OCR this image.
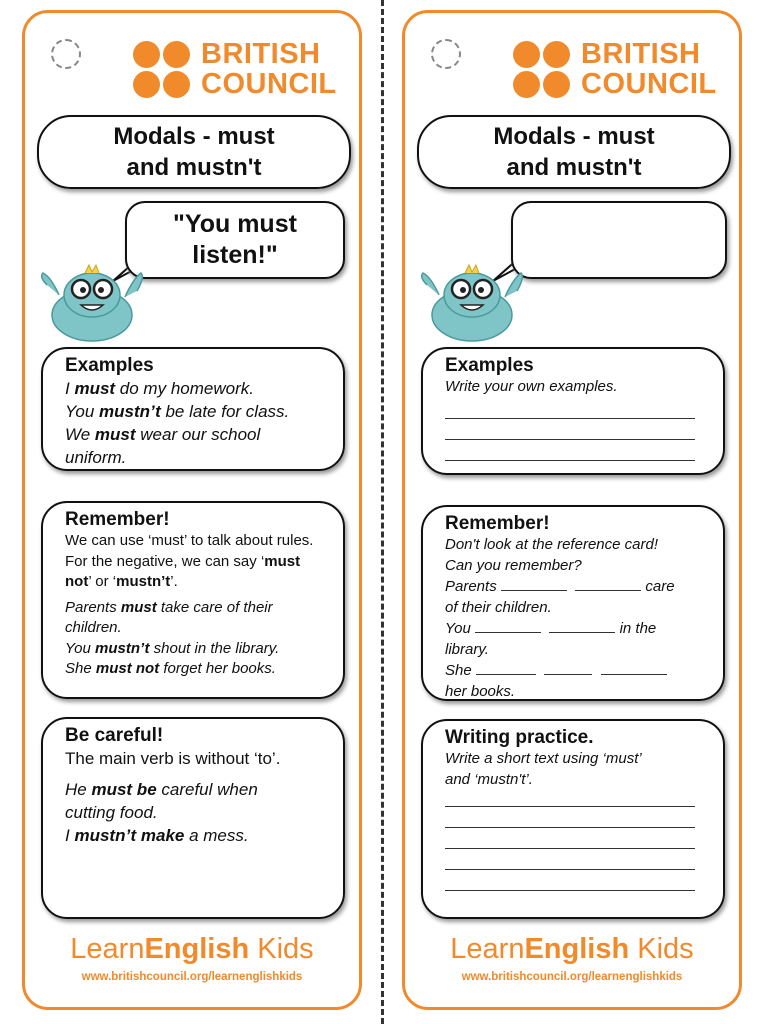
BRITISH
COUNCIL
Modals - must
and mustn't
"You must
listen!"
Examples

I must do my homework.

You mustn’t be late for class.

We must wear our school

uniform.

Remember!

We can use ‘must’ to talk about rules. For the negative, we can say ‘must not’ or ‘mustn’t’.

Parents must take care of their

children.

You mustn’t shout in the library.

She must not forget her books.

Be careful!

The main verb is without ‘to’.

He must be careful when

cutting food.

I mustn’t make a mess.

LearnEnglish Kids
www.britishcouncil.org/learnenglishkids
BRITISH
COUNCIL
Modals - must
and mustn't
Examples

Write your own examples.

Remember!

Don't look at the reference card!

Can you remember?

Parents	care

of their children.

You	in the

library.

She

her books.

Writing practice.

Write a short text using ‘must’
and ‘mustn't’.

LearnEnglish Kids
www.britishcouncil.org/learnenglishkids
